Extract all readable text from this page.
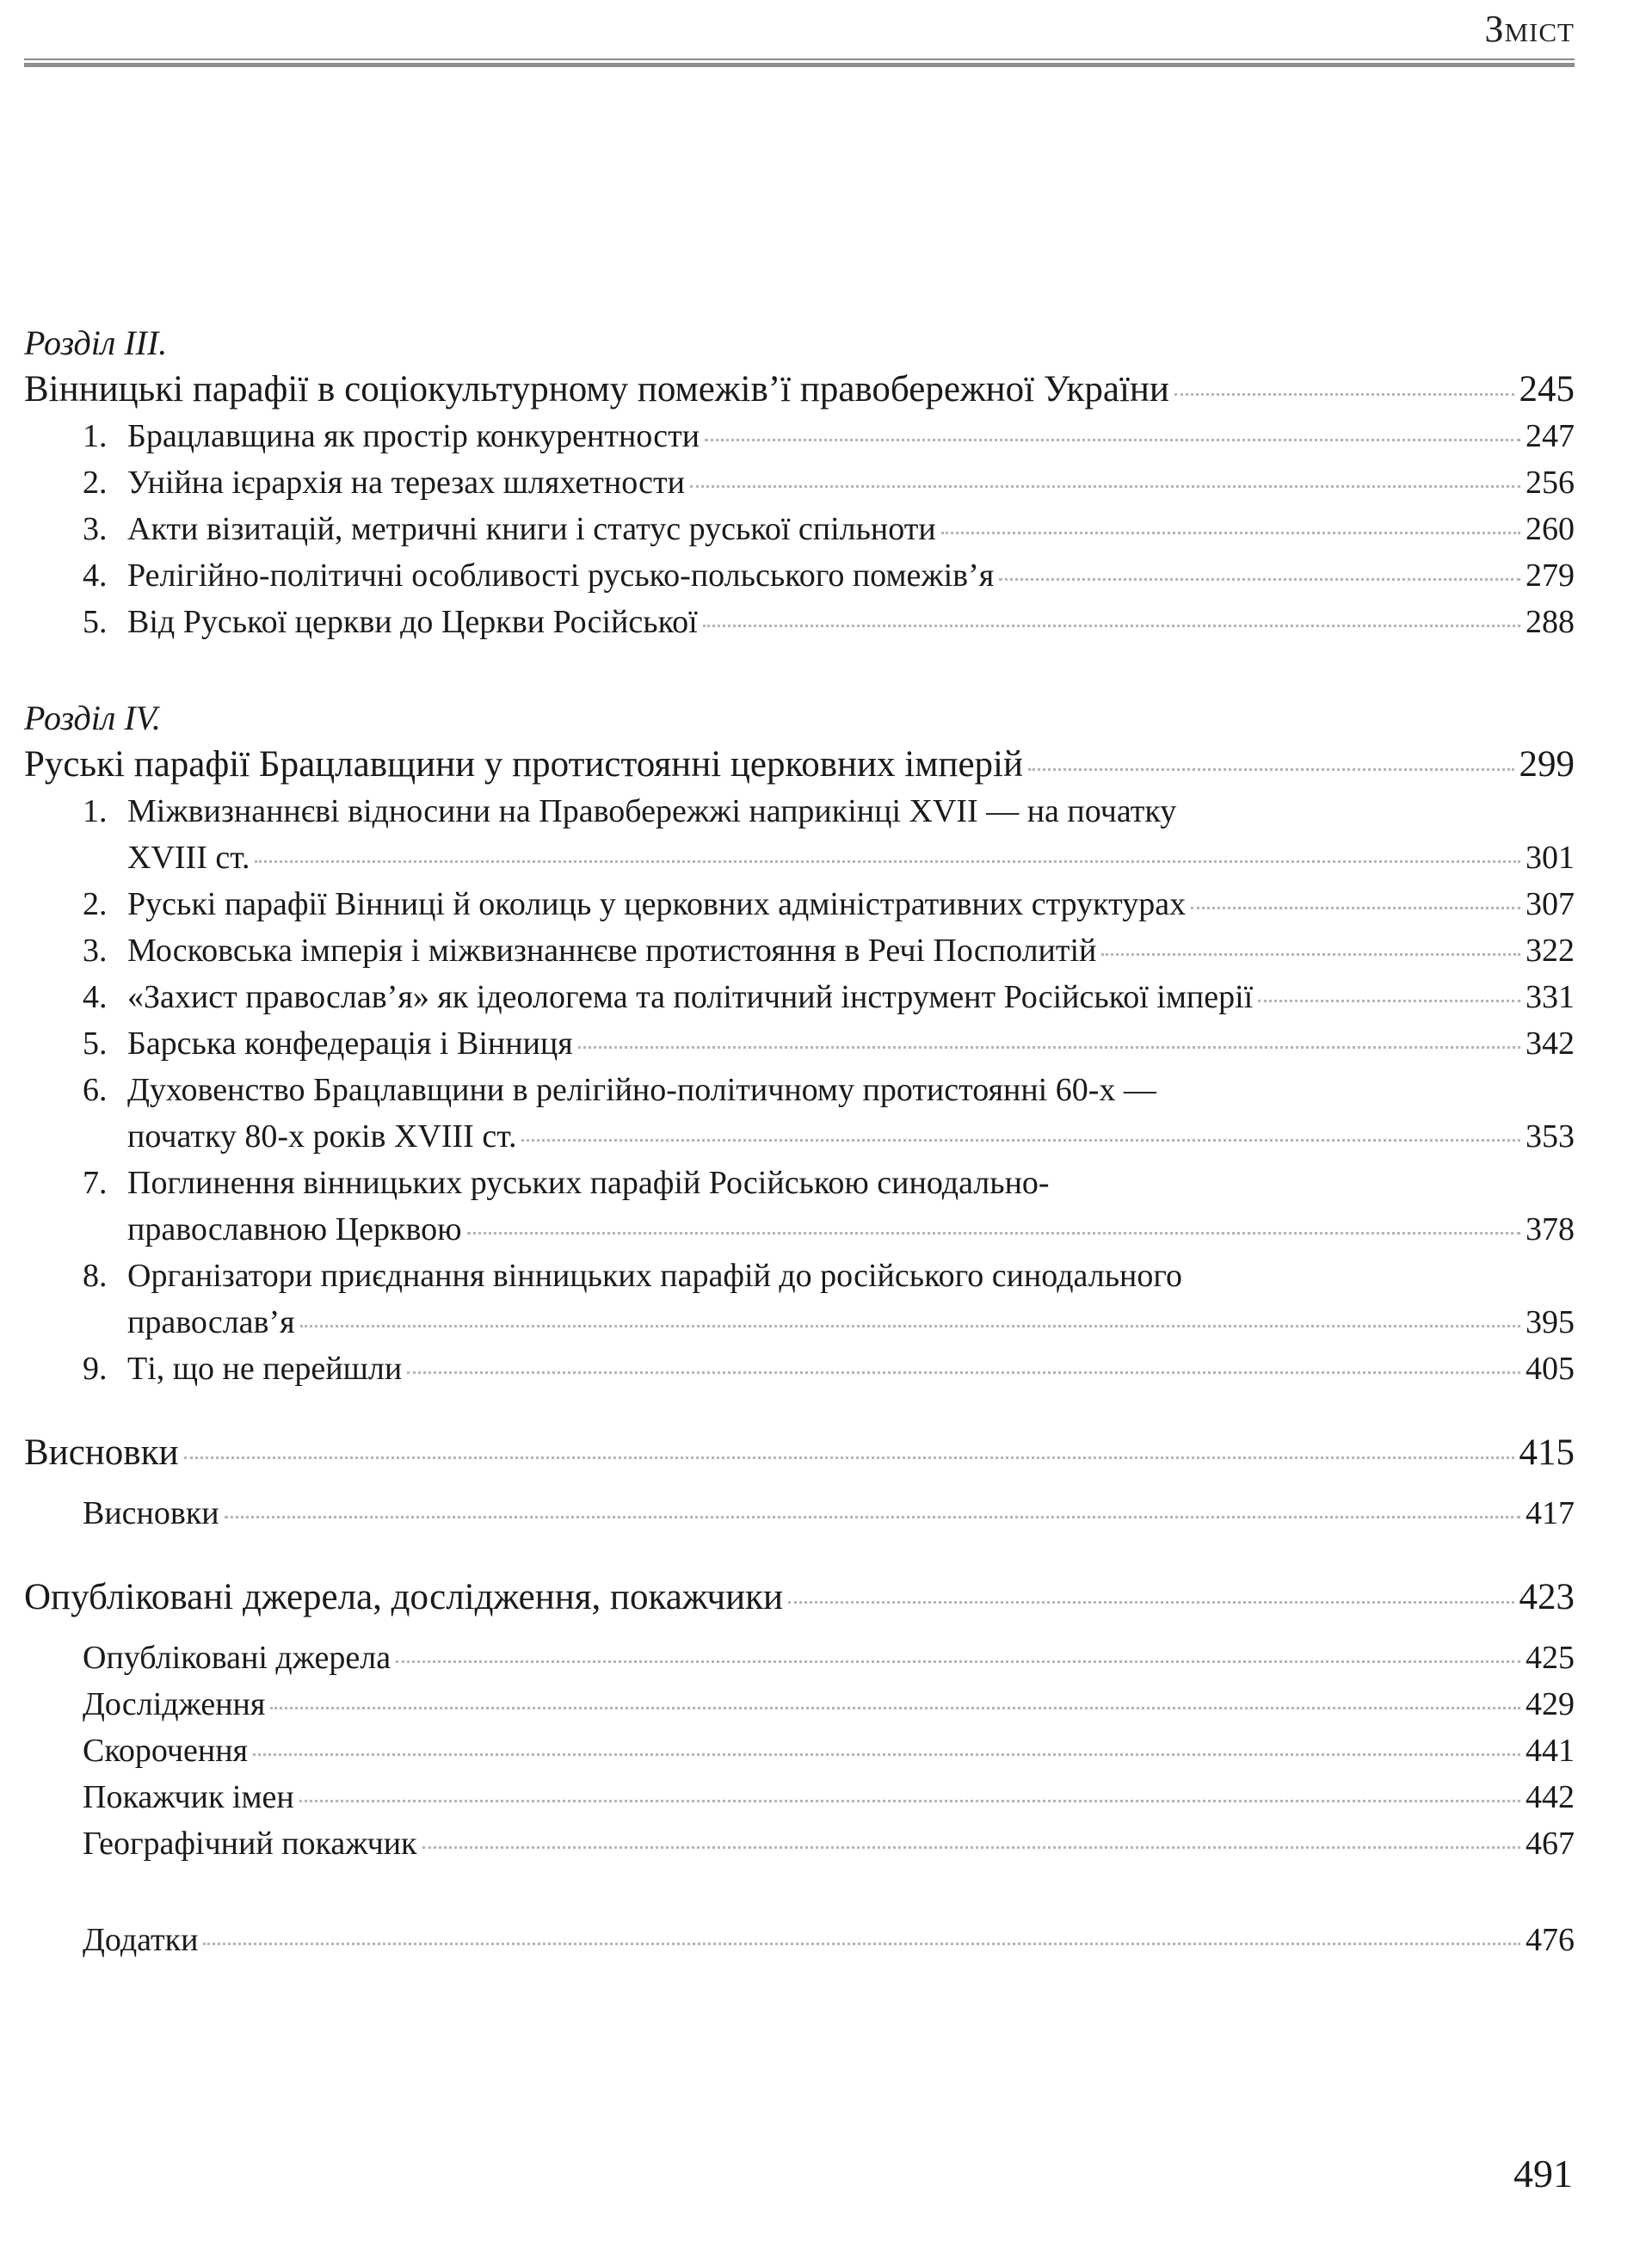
Зміст

Розділ III.

Вінницькі парафії в соціокультурному помежів’ї правобережної України	245
1. Брацлавщина як простір конкурентности	247
2. Унійна ієрархія на терезах шляхетности	256
3. Акти візитацій, метричні книги і статус руської спільноти	260
4. Релігійно-політичні особливості русько-польського помежів’я	279
5. Від Руської церкви до Церкви Російської	288

Розділ IV.

Руські парафії Брацлавщини у протистоянні церковних імперій	299
1. Міжвизнаннєві відносини на Правобережжі наприкінці XVII — на початку
XVIII ст.	301
2. Руські парафії Вінниці й околиць у церковних адміністративних структурах	307
3. Московська імперія і міжвизнаннєве протистояння в Речі Посполитій	322
4. «Захист православ’я» як ідеологема та політичний інструмент Російської імперії	331
5. Барська конфедерація і Вінниця	342
6. Духовенство Брацлавщини в релігійно-політичному протистоянні 60-х —
початку 80-х років XVIII ст.	353
7. Поглинення вінницьких руських парафій Російською синодально-
православною Церквою	378
8. Організатори приєднання вінницьких парафій до російського синодального
православ’я	395
9. Ті, що не перейшли	405
Висновки	415
Висновки	417
Опубліковані джерела, дослідження, покажчики	423
Опубліковані джерела	425
Дослідження	429
Скорочення	441
Покажчик імен	442
Географічний покажчик	467
Додатки	476
491
